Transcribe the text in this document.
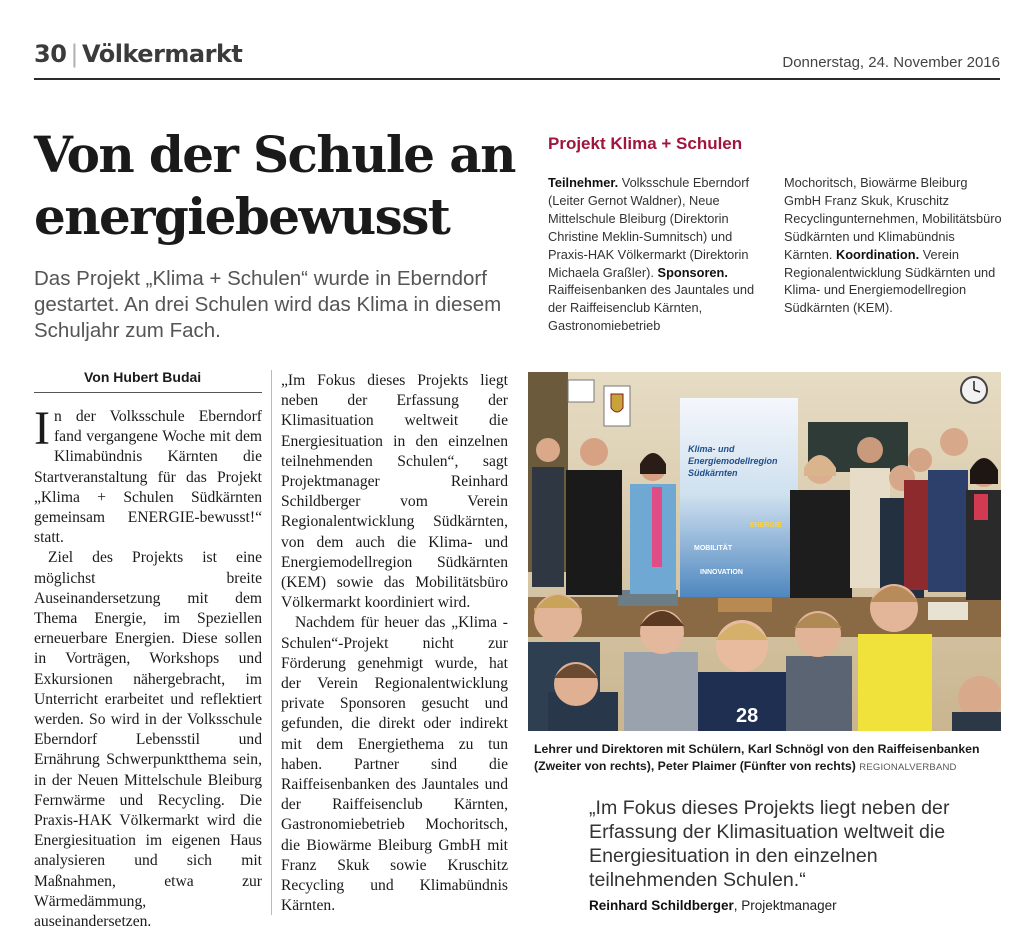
30 | Völkermarkt	Donnerstag, 24. November 2016
Von der Schule an energiebewusst
Das Projekt „Klima + Schulen“ wurde in Eberndorf gestartet. An drei Schulen wird das Klima in diesem Schuljahr zum Fach.
Von Hubert Budai

In der Volksschule Eberndorf fand vergangene Woche mit dem Klimabündnis Kärnten die Startveranstaltung für das Projekt „Klima + Schulen Südkärnten gemeinsam ENERGIE-bewusst!“ statt.

Ziel des Projekts ist eine möglichst breite Auseinandersetzung mit dem Thema Energie, im Speziellen erneuerbare Energien. Diese sollen in Vorträgen, Workshops und Exkursionen nähergebracht, im Unterricht erarbeitet und reflektiert werden. So wird in der Volksschule Eberndorf Lebensstil und Ernährung Schwerpunktthema sein, in der Neuen Mittelschule Bleiburg Fernwärme und Recycling. Die Praxis-HAK Völkermarkt wird die Energiesituation im eigenen Haus analysieren und sich mit Maßnahmen, etwa zur Wärmedämmung, auseinandersetzen.

„Im Fokus dieses Projekts liegt neben der Erfassung der Klimasituation weltweit die Energiesituation in den einzelnen teilnehmenden Schulen“, sagt Projektmanager Reinhard Schildberger vom Verein Regionalentwicklung Südkärnten, von dem auch die Klima- und Energiemodellregion Südkärnten (KEM) sowie das Mobilitätsbüro Völkermarkt koordiniert wird.

Nachdem für heuer das „Klima - Schulen“-Projekt nicht zur Förderung genehmigt wurde, hat der Verein Regionalentwicklung private Sponsoren gesucht und gefunden, die direkt oder indirekt mit dem Energiethema zu tun haben. Partner sind die Raiffeisenbanken des Jauntales und der Raiffeisenclub Kärnten, Gastronomiebetrieb Mochoritsch, die Biowärme Bleiburg GmbH mit Franz Skuk sowie Kruschitz Recycling und Klimabündnis Kärnten.

Projekt Klima + Schulen
Teilnehmer. Volksschule Eberndorf (Leiter Gernot Waldner), Neue Mittelschule Bleiburg (Direktorin Christine Meklin-Sumnitsch) und Praxis-HAK Völkermarkt (Direktorin Michaela Graßler). Sponsoren. Raiffeisenbanken des Jauntales und der Raiffeisenclub Kärnten, Gastronomiebetrieb
Mochoritsch, Biowärme Bleiburg GmbH Franz Skuk, Kruschitz Recyclingunternehmen, Mobilitätsbüro Südkärnten und Klimabündnis Kärnten. Koordination. Verein Regionalentwicklung Südkärnten und Klima- und Energiemodellregion Südkärnten (KEM).
Klima- und
Energiemodellregion
Südkärnten
ENERGIE
MOBILITÄT
INNOVATION
28
Lehrer und Direktoren mit Schülern, Karl Schnögl von den Raiffeisenbanken (Zweiter von rechts), Peter Plaimer (Fünfter von rechts) REGIONALVERBAND
„Im Fokus dieses Projekts liegt neben der Erfassung der Klimasituation weltweit die Energiesituation in den einzelnen teilnehmenden Schulen.“
Reinhard Schildberger, Projektmanager
